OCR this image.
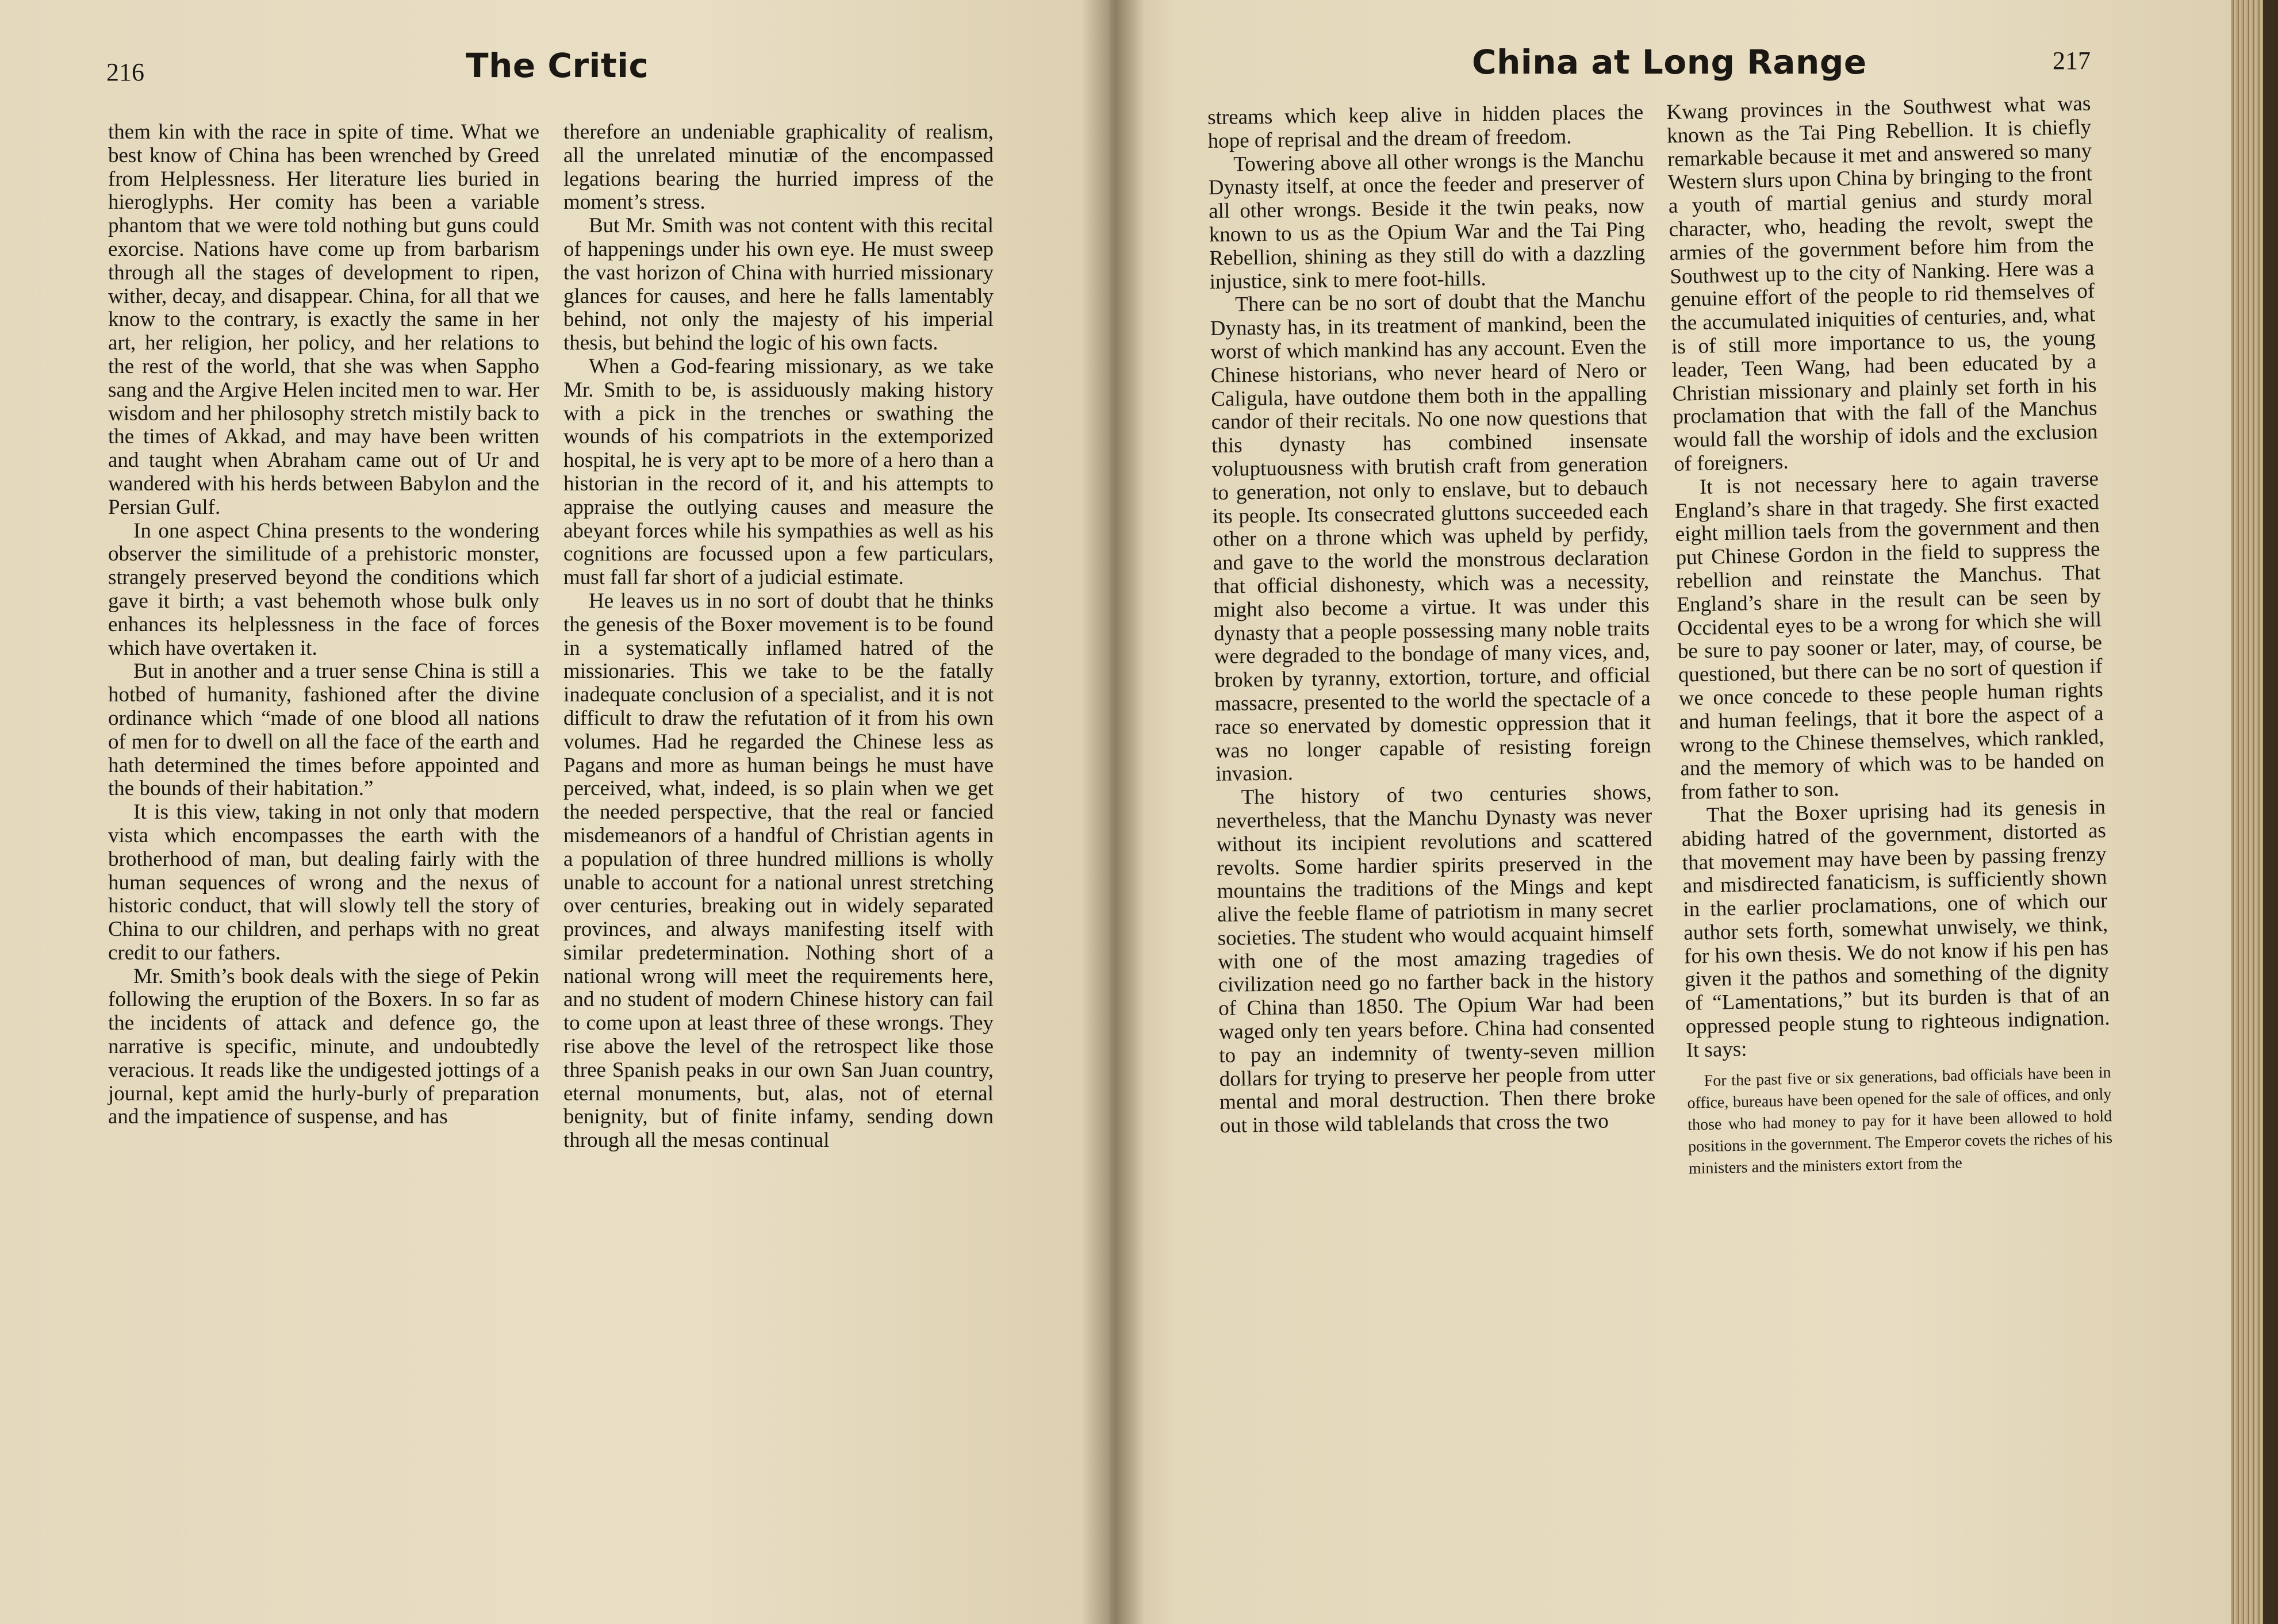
216	The Critic

them kin with the race in spite of time. What we best know of China has been wrenched by Greed from Helplessness. Her literature lies buried in hieroglyphs. Her comity has been a variable phantom that we were told nothing but guns could exorcise. Nations have come up from barbarism through all the stages of development to ripen, wither, decay, and disappear. China, for all that we know to the contrary, is exactly the same in her art, her religion, her policy, and her relations to the rest of the world, that she was when Sappho sang and the Argive Helen incited men to war. Her wisdom and her philosophy stretch mistily back to the times of Akkad, and may have been written and taught when Abraham came out of Ur and wandered with his herds between Babylon and the Persian Gulf.

In one aspect China presents to the wondering observer the similitude of a prehistoric monster, strangely preserved beyond the conditions which gave it birth; a vast behemoth whose bulk only enhances its helplessness in the face of forces which have overtaken it.

But in another and a truer sense China is still a hotbed of humanity, fashioned after the divine ordinance which “made of one blood all nations of men for to dwell on all the face of the earth and hath determined the times before appointed and the bounds of their habitation.”

It is this view, taking in not only that modern vista which encompasses the earth with the brotherhood of man, but dealing fairly with the human sequences of wrong and the nexus of historic conduct, that will slowly tell the story of China to our children, and perhaps with no great credit to our fathers.

Mr. Smith’s book deals with the siege of Pekin following the eruption of the Boxers. In so far as the incidents of attack and defence go, the narrative is specific, minute, and undoubtedly veracious. It reads like the undigested jottings of a journal, kept amid the hurly-burly of preparation and the impatience of suspense, and has

therefore an undeniable graphicality of realism, all the unrelated minutiæ of the encompassed legations bearing the hurried impress of the moment’s stress.

But Mr. Smith was not content with this recital of happenings under his own eye. He must sweep the vast horizon of China with hurried missionary glances for causes, and here he falls lamentably behind, not only the majesty of his imperial thesis, but behind the logic of his own facts.

When a God-fearing missionary, as we take Mr. Smith to be, is assiduously making history with a pick in the trenches or swathing the wounds of his compatriots in the extemporized hospital, he is very apt to be more of a hero than a historian in the record of it, and his attempts to appraise the outlying causes and measure the abeyant forces while his sympathies as well as his cognitions are focussed upon a few particulars, must fall far short of a judicial estimate.

He leaves us in no sort of doubt that he thinks the genesis of the Boxer movement is to be found in a systematically inflamed hatred of the missionaries. This we take to be the fatally inadequate conclusion of a specialist, and it is not difficult to draw the refutation of it from his own volumes. Had he regarded the Chinese less as Pagans and more as human beings he must have perceived, what, indeed, is so plain when we get the needed perspective, that the real or fancied misdemeanors of a handful of Christian agents in a population of three hundred millions is wholly unable to account for a national unrest stretching over centuries, breaking out in widely separated provinces, and always manifesting itself with similar predetermination. Nothing short of a national wrong will meet the requirements here, and no student of modern Chinese history can fail to come upon at least three of these wrongs. They rise above the level of the retrospect like those three Spanish peaks in our own San Juan country, eternal monuments, but, alas, not of eternal benignity, but of finite infamy, sending down through all the mesas continual

China at Long Range	217

streams which keep alive in hidden places the hope of reprisal and the dream of freedom.

Towering above all other wrongs is the Manchu Dynasty itself, at once the feeder and preserver of all other wrongs. Beside it the twin peaks, now known to us as the Opium War and the Tai Ping Rebellion, shining as they still do with a dazzling injustice, sink to mere foot-hills.

There can be no sort of doubt that the Manchu Dynasty has, in its treatment of mankind, been the worst of which mankind has any account. Even the Chinese historians, who never heard of Nero or Caligula, have outdone them both in the appalling candor of their recitals. No one now questions that this dynasty has combined insensate voluptuousness with brutish craft from generation to generation, not only to enslave, but to debauch its people. Its consecrated gluttons succeeded each other on a throne which was upheld by perfidy, and gave to the world the monstrous declaration that official dishonesty, which was a necessity, might also become a virtue. It was under this dynasty that a people possessing many noble traits were degraded to the bondage of many vices, and, broken by tyranny, extortion, torture, and official massacre, presented to the world the spectacle of a race so enervated by domestic oppression that it was no longer capable of resisting foreign invasion.

The history of two centuries shows, nevertheless, that the Manchu Dynasty was never without its incipient revolutions and scattered revolts. Some hardier spirits preserved in the mountains the traditions of the Mings and kept alive the feeble flame of patriotism in many secret societies. The student who would acquaint himself with one of the most amazing tragedies of civilization need go no farther back in the history of China than 1850. The Opium War had been waged only ten years before. China had consented to pay an indemnity of twenty-seven million dollars for trying to preserve her people from utter mental and moral destruction. Then there broke out in those wild tablelands that cross the two

Kwang provinces in the Southwest what was known as the Tai Ping Rebellion. It is chiefly remarkable because it met and answered so many Western slurs upon China by bringing to the front a youth of martial genius and sturdy moral character, who, heading the revolt, swept the armies of the government before him from the Southwest up to the city of Nanking. Here was a genuine effort of the people to rid themselves of the accumulated iniquities of centuries, and, what is of still more importance to us, the young leader, Teen Wang, had been educated by a Christian missionary and plainly set forth in his proclamation that with the fall of the Manchus would fall the worship of idols and the exclusion of foreigners.

It is not necessary here to again traverse England’s share in that tragedy. She first exacted eight million taels from the government and then put Chinese Gordon in the field to suppress the rebellion and reinstate the Manchus. That England’s share in the result can be seen by Occidental eyes to be a wrong for which she will be sure to pay sooner or later, may, of course, be questioned, but there can be no sort of question if we once concede to these people human rights and human feelings, that it bore the aspect of a wrong to the Chinese themselves, which rankled, and the memory of which was to be handed on from father to son.

That the Boxer uprising had its genesis in abiding hatred of the government, distorted as that movement may have been by passing frenzy and misdirected fanaticism, is sufficiently shown in the earlier proclamations, one of which our author sets forth, somewhat unwisely, we think, for his own thesis. We do not know if his pen has given it the pathos and something of the dignity of “Lamentations,” but its burden is that of an oppressed people stung to righteous indignation. It says:

For the past five or six generations, bad officials have been in office, bureaus have been opened for the sale of offices, and only those who had money to pay for it have been allowed to hold positions in the government. The Emperor covets the riches of his ministers and the ministers extort from the
